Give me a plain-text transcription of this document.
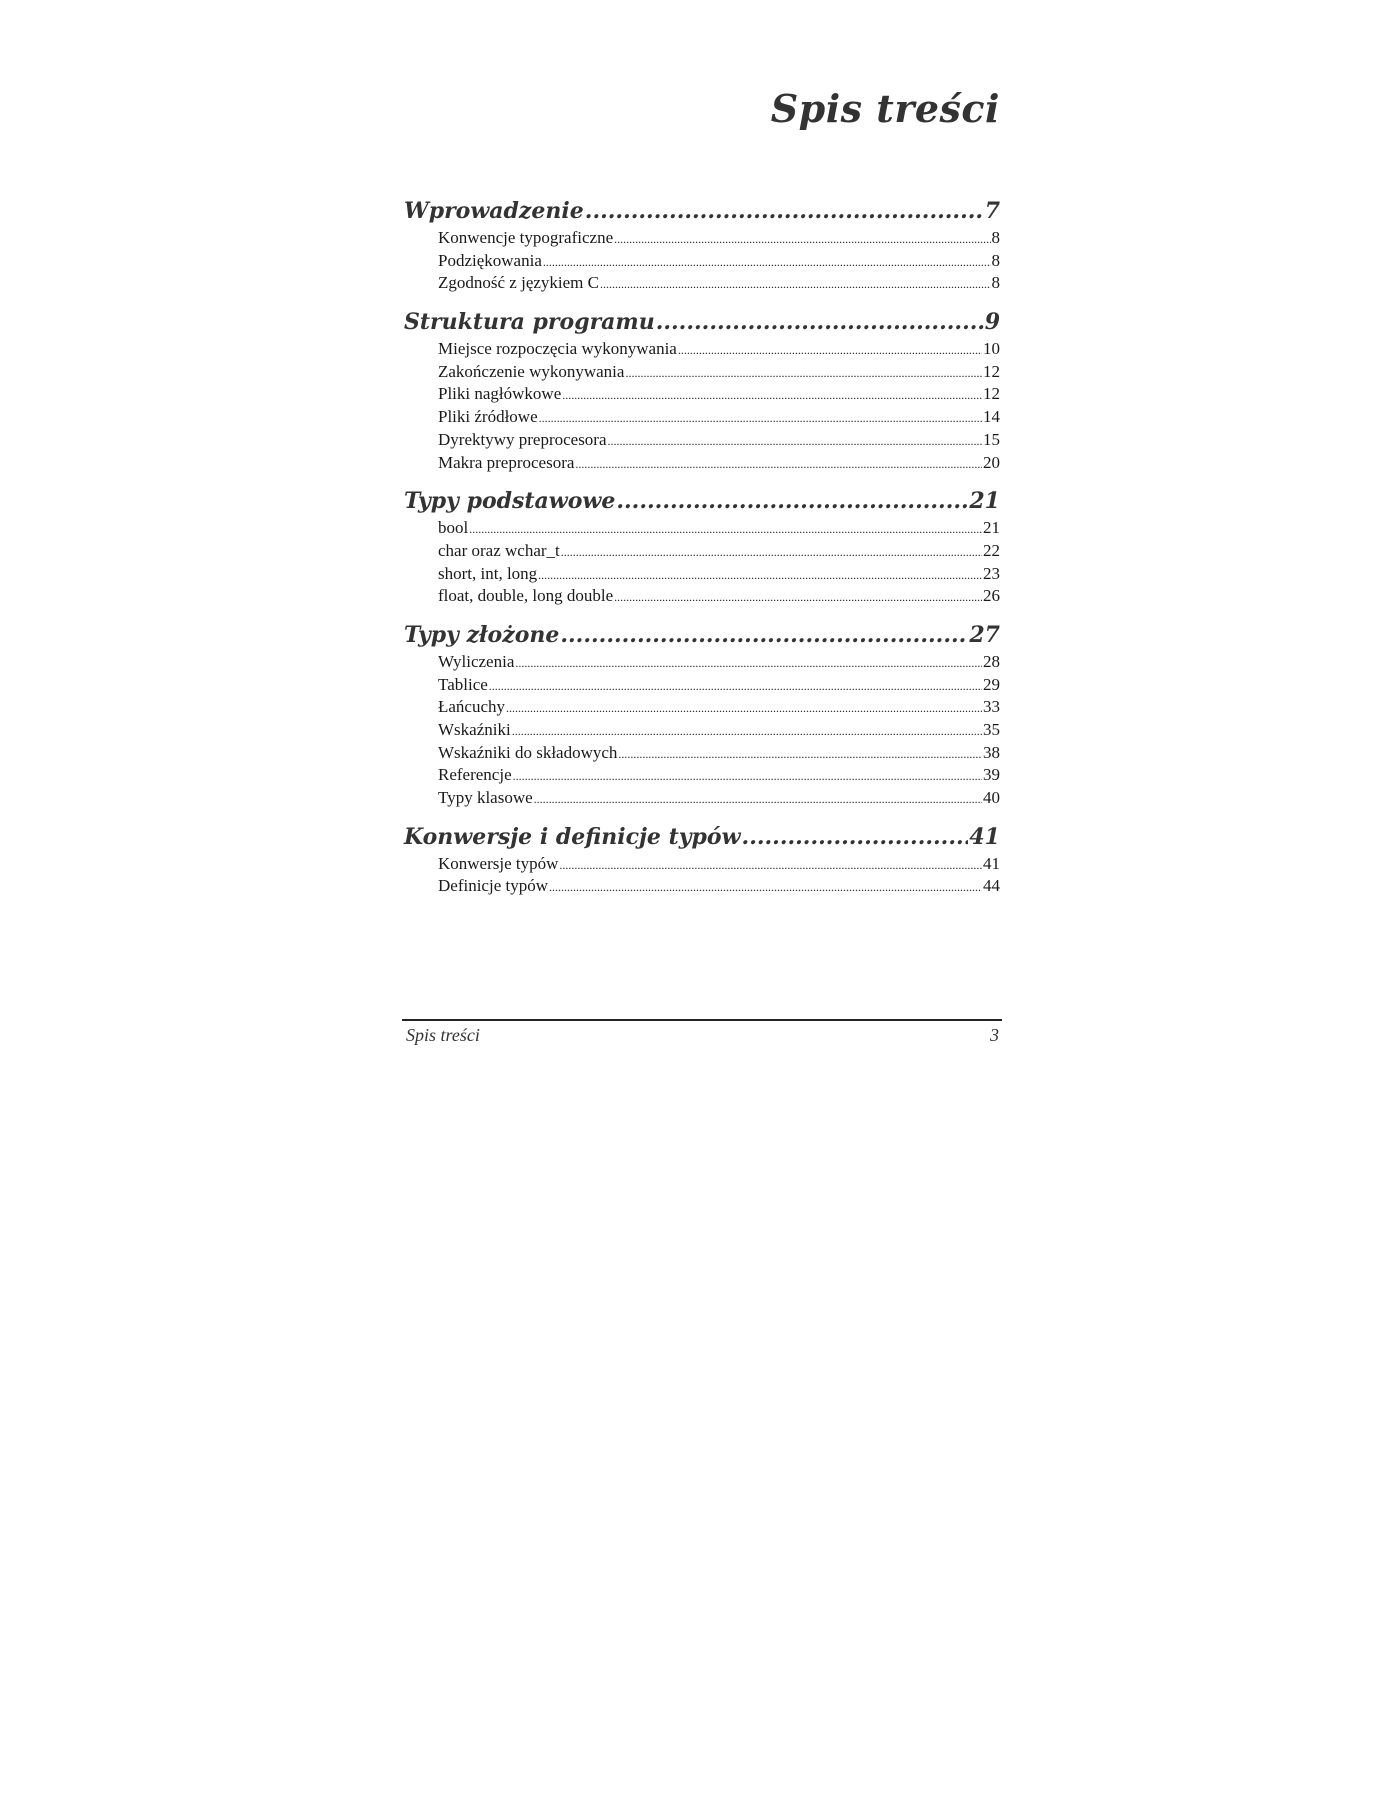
Spis treści
Wprowadzenie .....	7
Konwencje typograficzne .....	8
Podziękowania .....	8
Zgodność z językiem C .....	8
Struktura programu .....	9
Miejsce rozpoczęcia wykonywania .....	10
Zakończenie wykonywania .....	12
Pliki nagłówkowe .....	12
Pliki źródłowe .....	14
Dyrektywy preprocesora .....	15
Makra preprocesora .....	20
Typy podstawowe .....	21
bool .....	21
char oraz wchar_t .....	22
short, int, long .....	23
float, double, long double .....	26
Typy złożone .....	27
Wyliczenia .....	28
Tablice .....	29
Łańcuchy .....	33
Wskaźniki .....	35
Wskaźniki do składowych .....	38
Referencje .....	39
Typy klasowe .....	40
Konwersje i definicje typów .....	41
Konwersje typów .....	41
Definicje typów .....	44
Spis treści	3
